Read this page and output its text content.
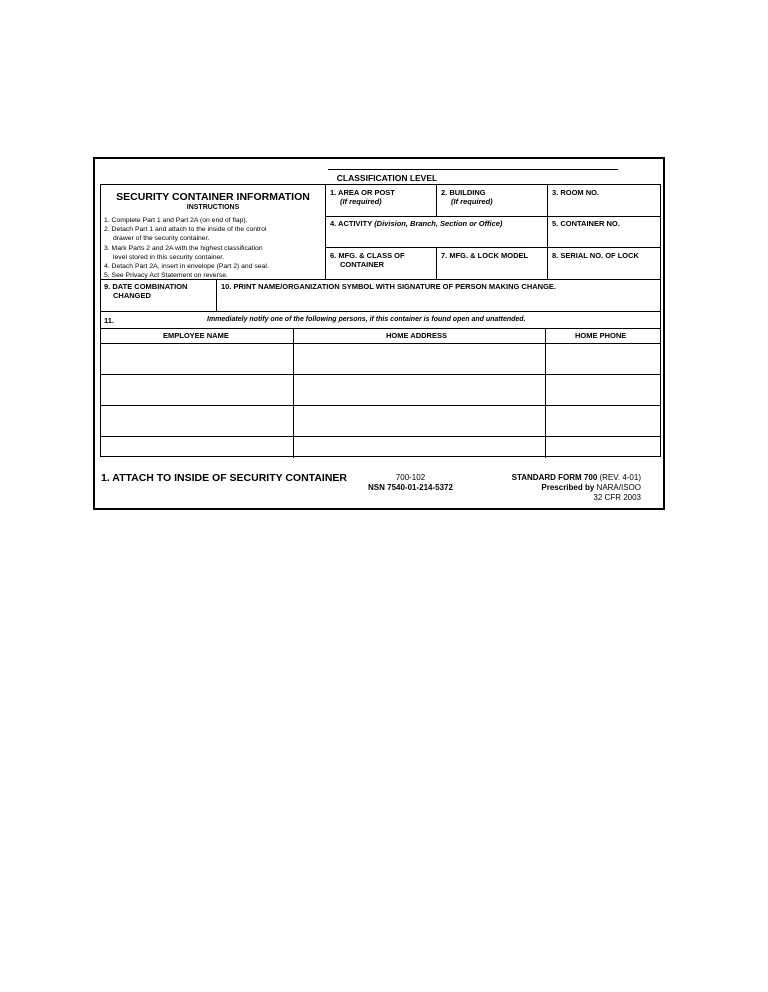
CLASSIFICATION LEVEL
SECURITY CONTAINER INFORMATION
INSTRUCTIONS
1. Complete Part 1 and Part 2A (on end of flap).
2. Detach Part 1 and attach to the inside of the control
drawer of the security container.
3. Mark Parts 2 and 2A with the highest classification
level stored in this security container.
4. Detach Part 2A, insert in envelope (Part 2) and seal.
5. See Privacy Act Statement on reverse.
1. AREA OR POST
(If required)
2. BUILDING
(If required)
3. ROOM NO.
4. ACTIVITY (Division, Branch, Section or Office)	5. CONTAINER NO.
6. MFG. & CLASS OF
CONTAINER
7. MFG. & LOCK MODEL	8. SERIAL NO. OF LOCK
9. DATE COMBINATION
CHANGED
10. PRINT NAME/ORGANIZATION SYMBOL WITH SIGNATURE OF PERSON MAKING CHANGE.
11.	Immediately notify one of the following persons, if this container is found open and unattended.
EMPLOYEE NAME	HOME ADDRESS	HOME PHONE
1. ATTACH TO INSIDE OF SECURITY CONTAINER	700-102
NSN 7540-01-214-5372
STANDARD FORM 700 (REV. 4-01)
Prescribed by NARA/ISOO
32 CFR 2003
